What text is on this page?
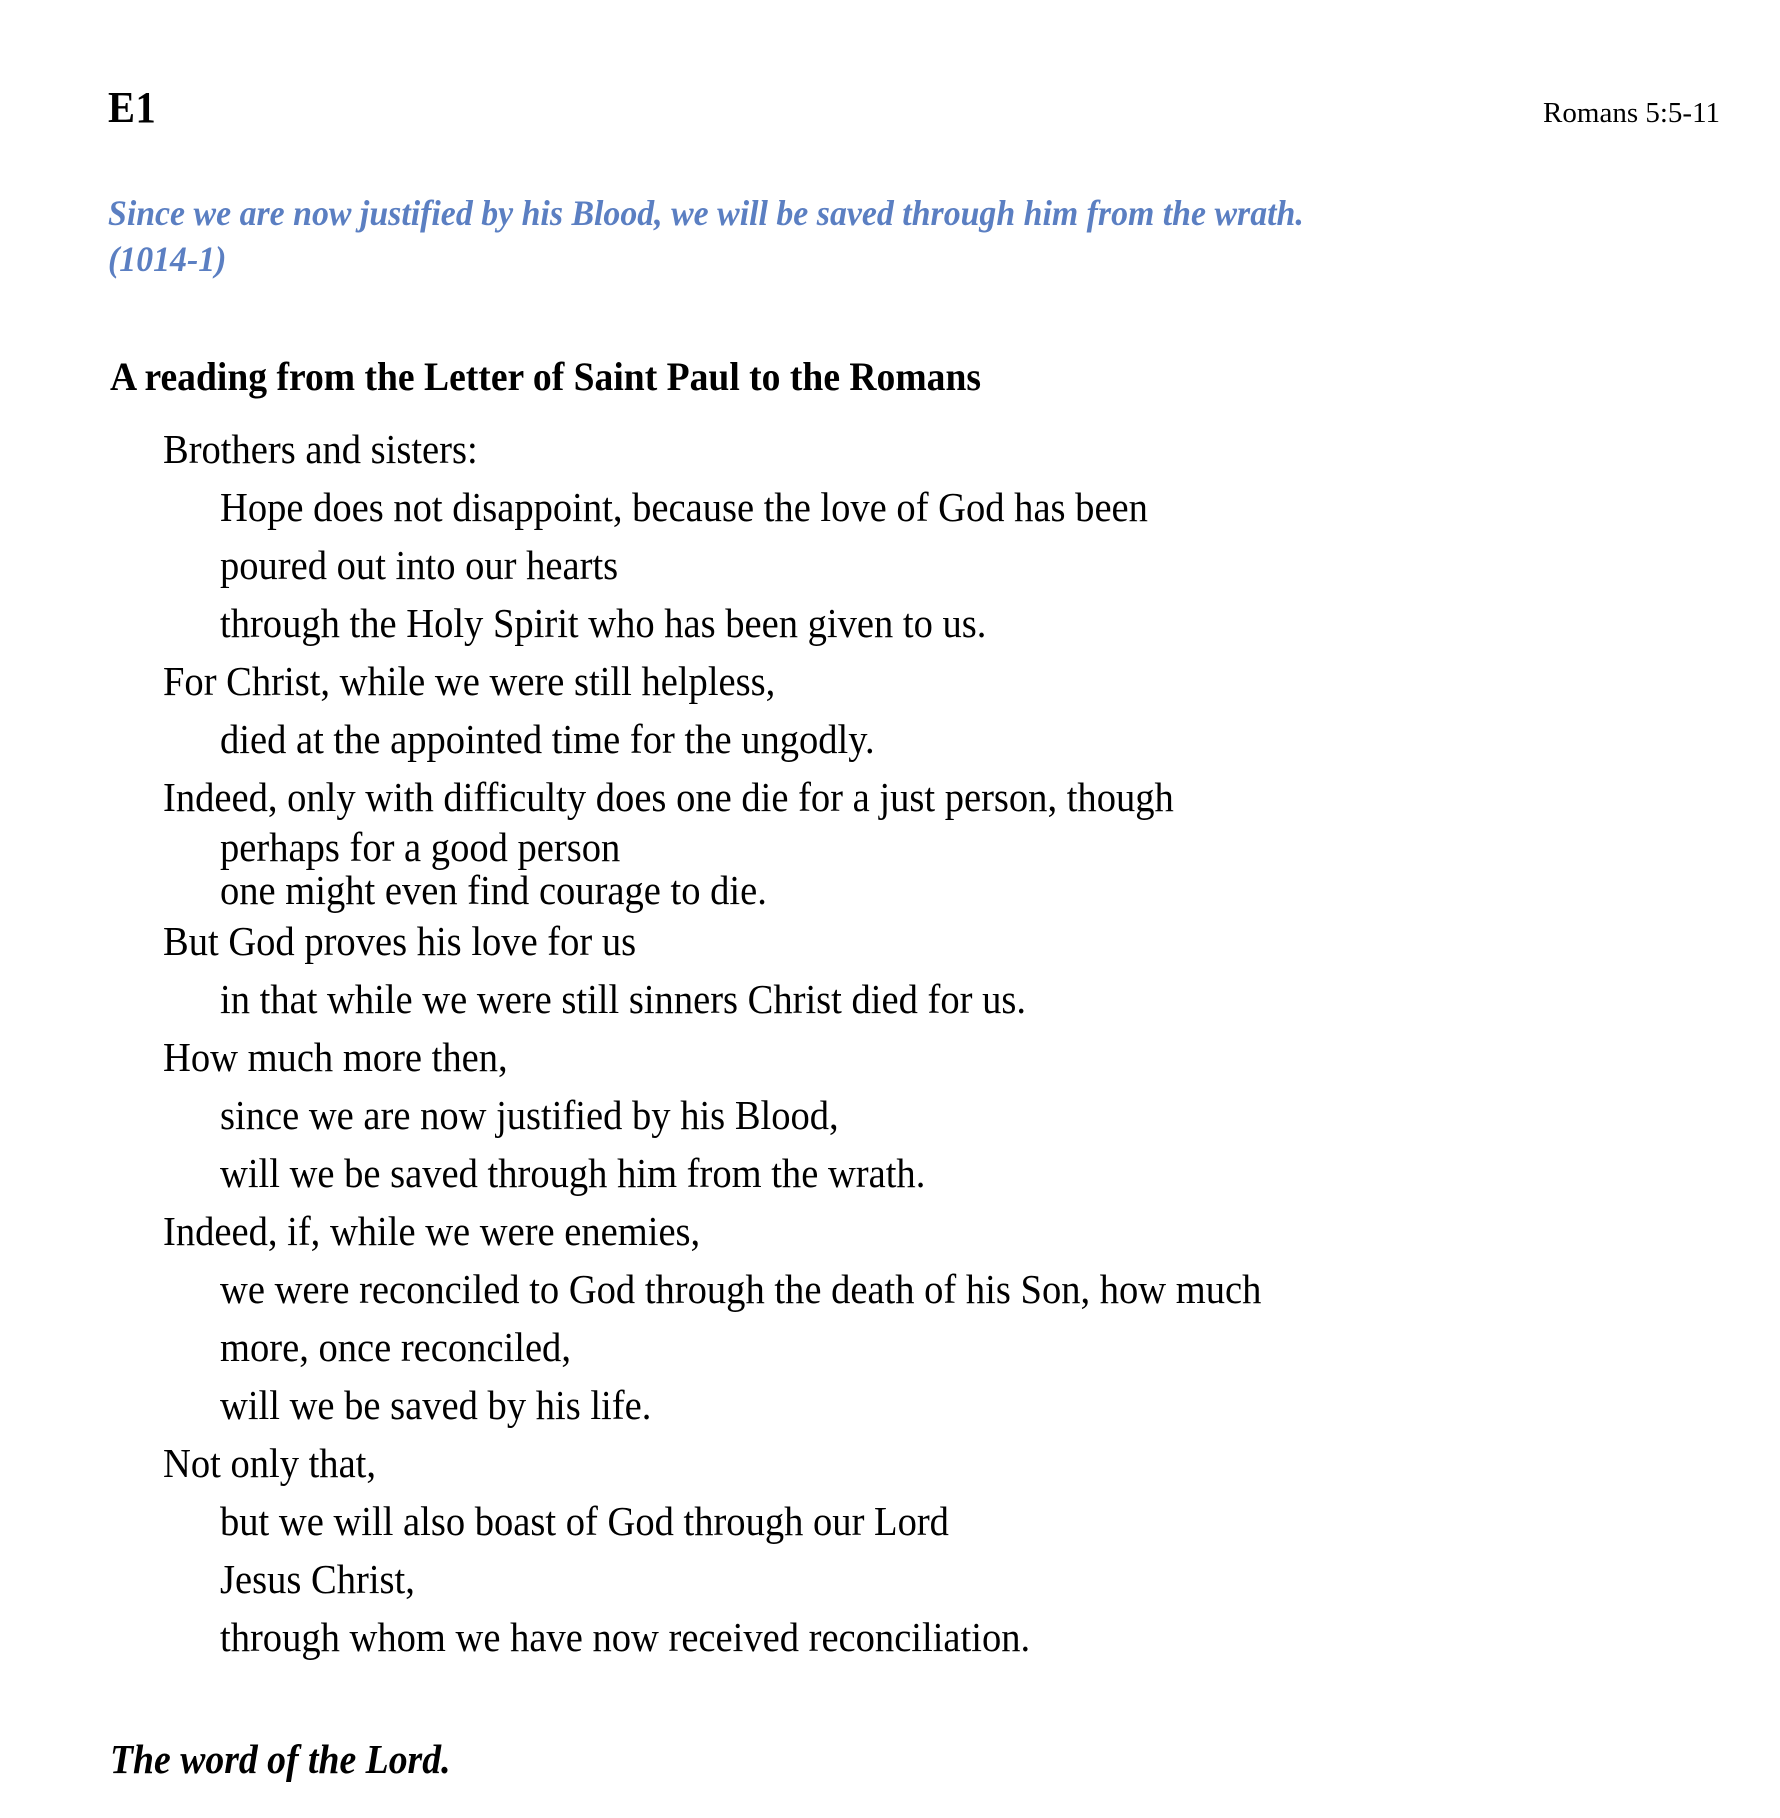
E1	Romans 5:5-11
Since we are now justified by his Blood, we will be saved through him from the wrath.
(1014-1)
A reading from the Letter of Saint Paul to the Romans
Brothers and sisters:
Hope does not disappoint, because the love of God has been
poured out into our hearts
through the Holy Spirit who has been given to us.
For Christ, while we were still helpless,
died at the appointed time for the ungodly.
Indeed, only with difficulty does one die for a just person, though
perhaps for a good person
one might even find courage to die.
But God proves his love for us
in that while we were still sinners Christ died for us.
How much more then,
since we are now justified by his Blood,
will we be saved through him from the wrath.
Indeed, if, while we were enemies,
we were reconciled to God through the death of his Son, how much
more, once reconciled,
will we be saved by his life.
Not only that,
but we will also boast of God through our Lord
Jesus Christ,
through whom we have now received reconciliation.
The word of the Lord.
